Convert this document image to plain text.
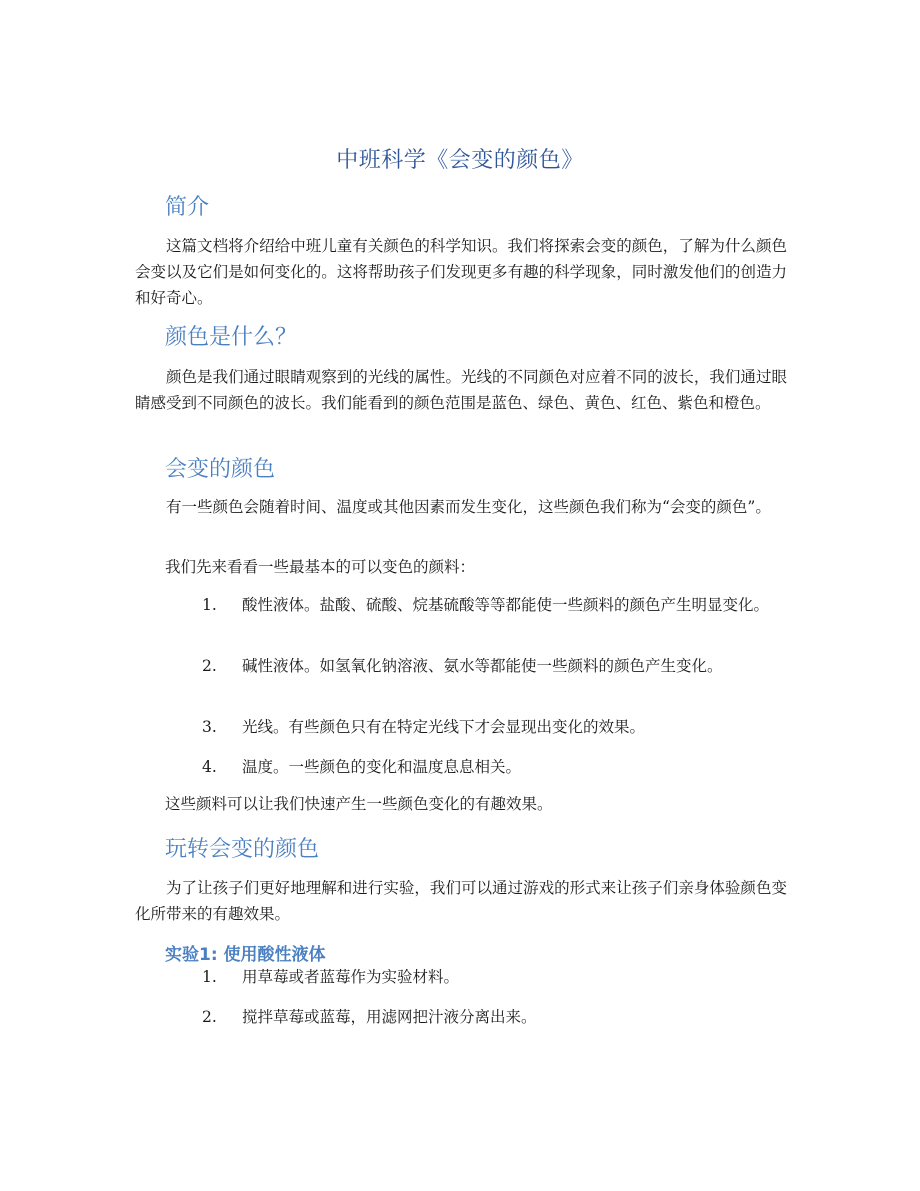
中班科学《会变的颜色》
简介

这篇文档将介绍给中班儿童有关颜色的科学知识。我们将探索会变的颜色，了解为什么颜色会变以及它们是如何变化的。这将帮助孩子们发现更多有趣的科学现象，同时激发他们的创造力和好奇心。

颜色是什么？

颜色是我们通过眼睛观察到的光线的属性。光线的不同颜色对应着不同的波长，我们通过眼睛感受到不同颜色的波长。我们能看到的颜色范围是蓝色、绿色、黄色、红色、紫色和橙色。

会变的颜色

有一些颜色会随着时间、温度或其他因素而发生变化，这些颜色我们称为“会变的颜色”。

我们先来看看一些最基本的可以变色的颜料：

1. 酸性液体。盐酸、硫酸、烷基硫酸等等都能使一些颜料的颜色产生明显变化。
2. 碱性液体。如氢氧化钠溶液、氨水等都能使一些颜料的颜色产生变化。
3. 光线。有些颜色只有在特定光线下才会显现出变化的效果。
4. 温度。一些颜色的变化和温度息息相关。

这些颜料可以让我们快速产生一些颜色变化的有趣效果。

玩转会变的颜色

为了让孩子们更好地理解和进行实验，我们可以通过游戏的形式来让孩子们亲身体验颜色变化所带来的有趣效果。

实验1: 使用酸性液体
1. 用草莓或者蓝莓作为实验材料。
2. 搅拌草莓或蓝莓，用滤网把汁液分离出来。
